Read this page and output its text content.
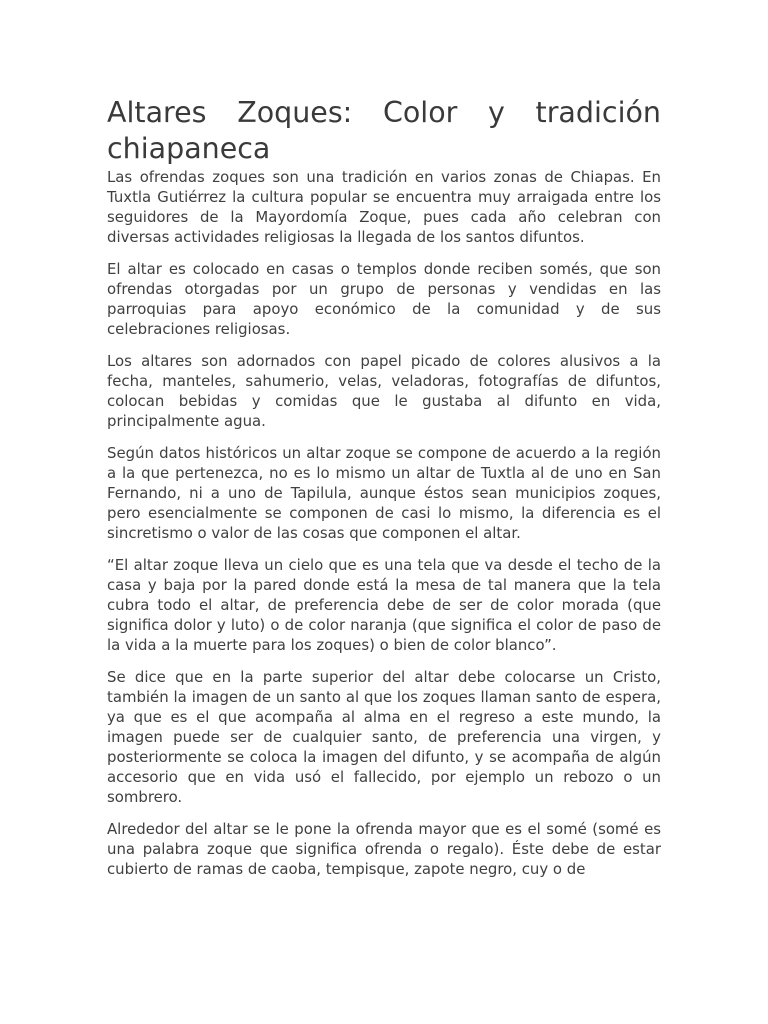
Altares Zoques: Color y tradición chiapaneca

Las ofrendas zoques son una tradición en varios zonas de Chiapas. En Tuxtla Gutiérrez la cultura popular se encuentra muy arraigada entre los seguidores de la Mayordomía Zoque, pues cada año celebran con diversas actividades religiosas la llegada de los santos difuntos.

El altar es colocado en casas o templos donde reciben somés, que son ofrendas otorgadas por un grupo de personas y vendidas en las parroquias para apoyo económico de la comunidad y de sus celebraciones religiosas.

Los altares son adornados con papel picado de colores alusivos a la fecha, manteles, sahumerio, velas, veladoras, fotografías de difuntos, colocan bebidas y comidas que le gustaba al difunto en vida, principalmente agua.

Según datos históricos un altar zoque se compone de acuerdo a la región a la que pertenezca, no es lo mismo un altar de Tuxtla al de uno en San Fernando, ni a uno de Tapilula, aunque éstos sean municipios zoques, pero esencialmente se componen de casi lo mismo, la diferencia es el sincretismo o valor de las cosas que componen el altar.

“El altar zoque lleva un cielo que es una tela que va desde el techo de la casa y baja por la pared donde está la mesa de tal manera que la tela cubra todo el altar, de preferencia debe de ser de color morada (que significa dolor y luto) o de color naranja (que significa el color de paso de la vida a la muerte para los zoques) o bien de color blanco”.

Se dice que en la parte superior del altar debe colocarse un Cristo, también la imagen de un santo al que los zoques llaman santo de espera, ya que es el que acompaña al alma en el regreso a este mundo, la imagen puede ser de cualquier santo, de preferencia una virgen, y posteriormente se coloca la imagen del difunto, y se acompaña de algún accesorio que en vida usó el fallecido, por ejemplo un rebozo o un sombrero.

Alrededor del altar se le pone la ofrenda mayor que es el somé (somé es una palabra zoque que significa ofrenda o regalo). Éste debe de estar cubierto de ramas de caoba, tempisque, zapote negro, cuy o de
